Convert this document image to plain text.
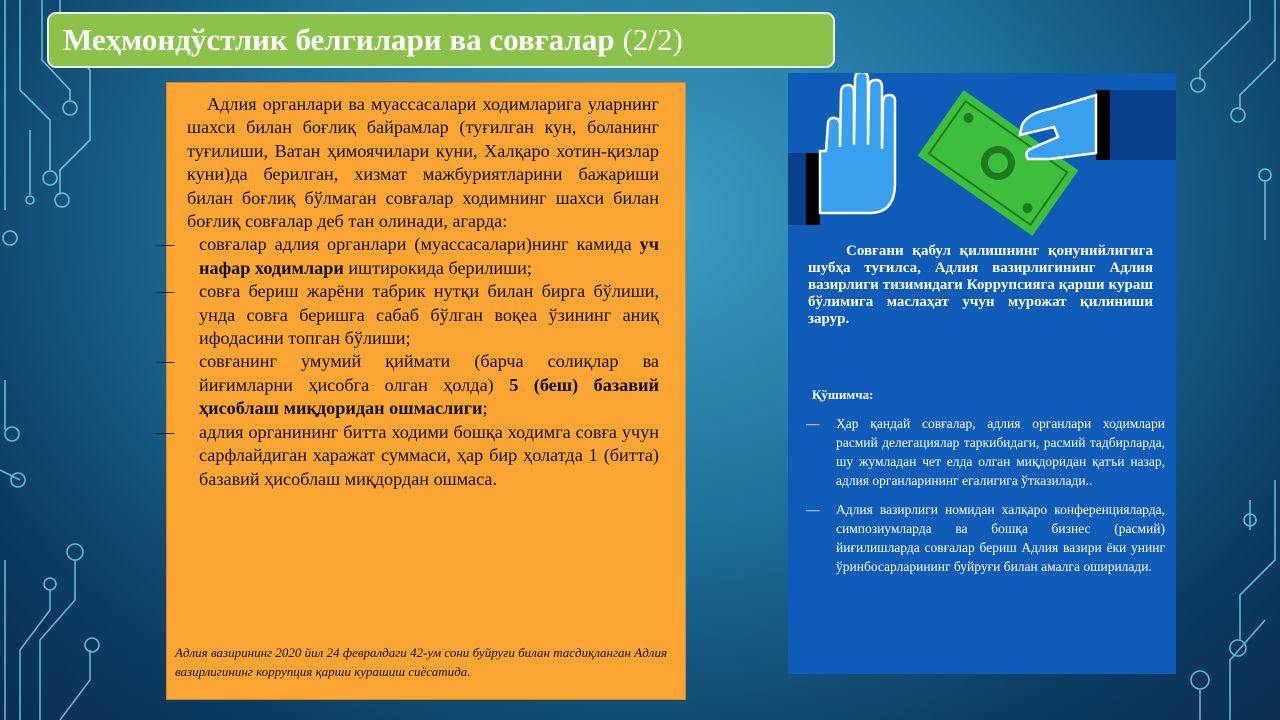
Меҳмондўстлик белгилари ва совғалар (2/2)

Адлия органлари ва муассасалари ходимларига уларнинг шахси билан боғлиқ байрамлар (туғилган кун, боланинг туғилиши, Ватан ҳимоячилари куни, Халқаро хотин-қизлар куни)да берилган, хизмат мажбуриятларини бажариши билан боғлиқ бўлмаган совғалар ходимнинг шахси билан боғлиқ совғалар деб тан олинади, агарда:

— совғалар адлия органлари (муассасалари)нинг камида уч нафар ходимлари иштирокида берилиши;
— совға бериш жарёни табрик нутқи билан бирга бўлиши, унда совға беришга сабаб бўлган воқеа ўзининг аниқ ифодасини топган бўлиши;
— совғанинг умумий қиймати (барча солиқлар ва йиғимларни ҳисобга олган ҳолда) 5 (беш) базавий ҳисоблаш миқдоридан ошмаслиги;
— адлия органининг битта ходими бошқа ходимга совға учун сарфлайдиган харажат суммаси, ҳар бир ҳолатда 1 (битта) базавий ҳисоблаш миқдордан ошмаса.

Адлия вазирининг 2020 йил 24 февралдаги 42-ум сони буйруғи билан тасдиқланган Адлия вазирлигининг коррупция қарши курашиш сиёсатида.

Совғани қабул қилишнинг қонунийлигига шубҳа туғилса, Адлия вазирлигининг Адлия вазирлиги тизимидаги Коррупсияга қарши кураш бўлимига маслаҳат учун мурожат қилиниши зарур.

Қўшимча:

— Ҳар қандай совғалар, адлия органлари ходимлари расмий делегациялар таркибидаги, расмий тадбирларда, шу жумладан чет елда олган миқдоридан қатъи назар, адлия органларининг егалигига ўтказилади..
— Адлия вазирлиги номидан халқаро конференцияларда, симпозиумларда ва бошқа бизнес (расмий) йиғилишларда совғалар бериш Адлия вазири ёки унинг ўринбосарларининг буйруғи билан амалга оширилади.
